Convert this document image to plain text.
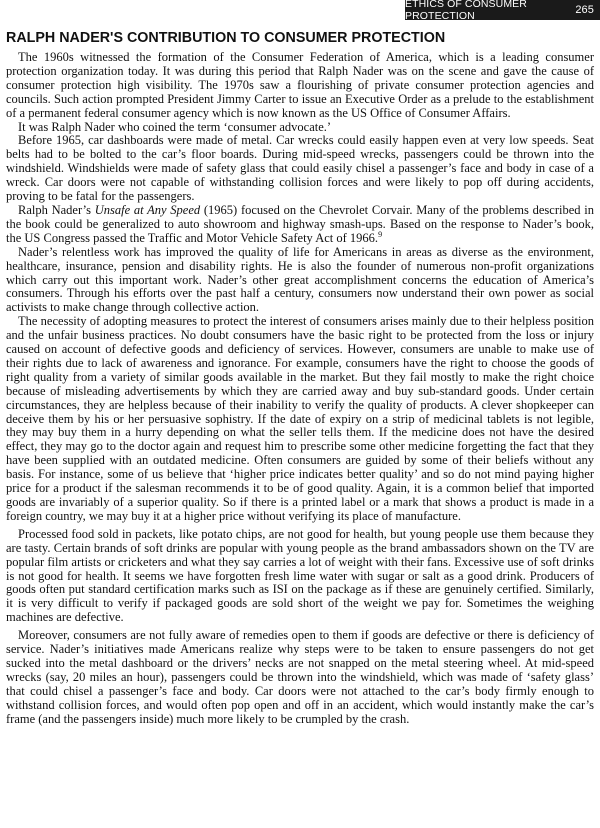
ETHICS OF CONSUMER PROTECTION	265
RALPH NADER'S CONTRIBUTION TO CONSUMER PROTECTION

The 1960s witnessed the formation of the Consumer Federation of America, which is a leading consumer protection organization today. It was during this period that Ralph Nader was on the scene and gave the cause of consumer protection high visibility. The 1970s saw a flourishing of private consumer protection agencies and councils. Such action prompted President Jimmy Carter to issue an Executive Order as a prelude to the establishment of a permanent federal consumer agency which is now known as the US Office of Consumer Affairs.

It was Ralph Nader who coined the term ‘consumer advocate.’

Before 1965, car dashboards were made of metal. Car wrecks could easily happen even at very low speeds. Seat belts had to be bolted to the car’s floor boards. During mid-speed wrecks, passengers could be thrown into the windshield. Windshields were made of safety glass that could easily chisel a passenger’s face and body in case of a wreck. Car doors were not capable of withstanding collision forces and were likely to pop off during accidents, proving to be fatal for the passengers.

Ralph Nader’s Unsafe at Any Speed (1965) focused on the Chevrolet Corvair. Many of the problems described in the book could be generalized to auto showroom and highway smash-ups. Based on the response to Nader’s book, the US Congress passed the Traffic and Motor Vehicle Safety Act of 1966.$^9$

Nader’s relentless work has improved the quality of life for Americans in areas as diverse as the environment, healthcare, insurance, pension and disability rights. He is also the founder of numerous non-profit organizations which carry out this important work. Nader’s other great accomplishment concerns the education of America’s consumers. Through his efforts over the past half a century, consumers now understand their own power as social activists to make change through collective action.

The necessity of adopting measures to protect the interest of consumers arises mainly due to their helpless position and the unfair business practices. No doubt consumers have the basic right to be protected from the loss or injury caused on account of defective goods and deficiency of services. However, consumers are unable to make use of their rights due to lack of awareness and ignorance. For example, consumers have the right to choose the goods of right quality from a variety of similar goods available in the market. But they fail mostly to make the right choice because of misleading advertisements by which they are carried away and buy sub-standard goods. Under certain circumstances, they are helpless because of their inability to verify the quality of products. A clever shopkeeper can deceive them by his or her persuasive sophistry. If the date of expiry on a strip of medicinal tablets is not legible, they may buy them in a hurry depending on what the seller tells them. If the medicine does not have the desired effect, they may go to the doctor again and request him to prescribe some other medicine forgetting the fact that they have been supplied with an outdated medicine. Often consumers are guided by some of their beliefs without any basis. For instance, some of us believe that ‘higher price indicates better quality’ and so do not mind paying higher price for a product if the salesman recommends it to be of good quality. Again, it is a common belief that imported goods are invariably of a superior quality. So if there is a printed label or a mark that shows a product is made in a foreign country, we may buy it at a higher price without verifying its place of manufacture.

Processed food sold in packets, like potato chips, are not good for health, but young people use them because they are tasty. Certain brands of soft drinks are popular with young people as the brand ambassadors shown on the TV are popular film artists or cricketers and what they say carries a lot of weight with their fans. Excessive use of soft drinks is not good for health. It seems we have forgotten fresh lime water with sugar or salt as a good drink. Producers of goods often put standard certification marks such as ISI on the package as if these are genuinely certified. Similarly, it is very difficult to verify if packaged goods are sold short of the weight we pay for. Sometimes the weighing machines are defective.

Moreover, consumers are not fully aware of remedies open to them if goods are defective or there is deficiency of service. Nader’s initiatives made Americans realize why steps were to be taken to ensure passengers do not get sucked into the metal dashboard or the drivers’ necks are not snapped on the metal steering wheel. At mid-speed wrecks (say, 20 miles an hour), passengers could be thrown into the windshield, which was made of ‘safety glass’ that could chisel a passenger’s face and body. Car doors were not attached to the car’s body firmly enough to withstand collision forces, and would often pop open and off in an accident, which would instantly make the car’s frame (and the passengers inside) much more likely to be crumpled by the crash.
